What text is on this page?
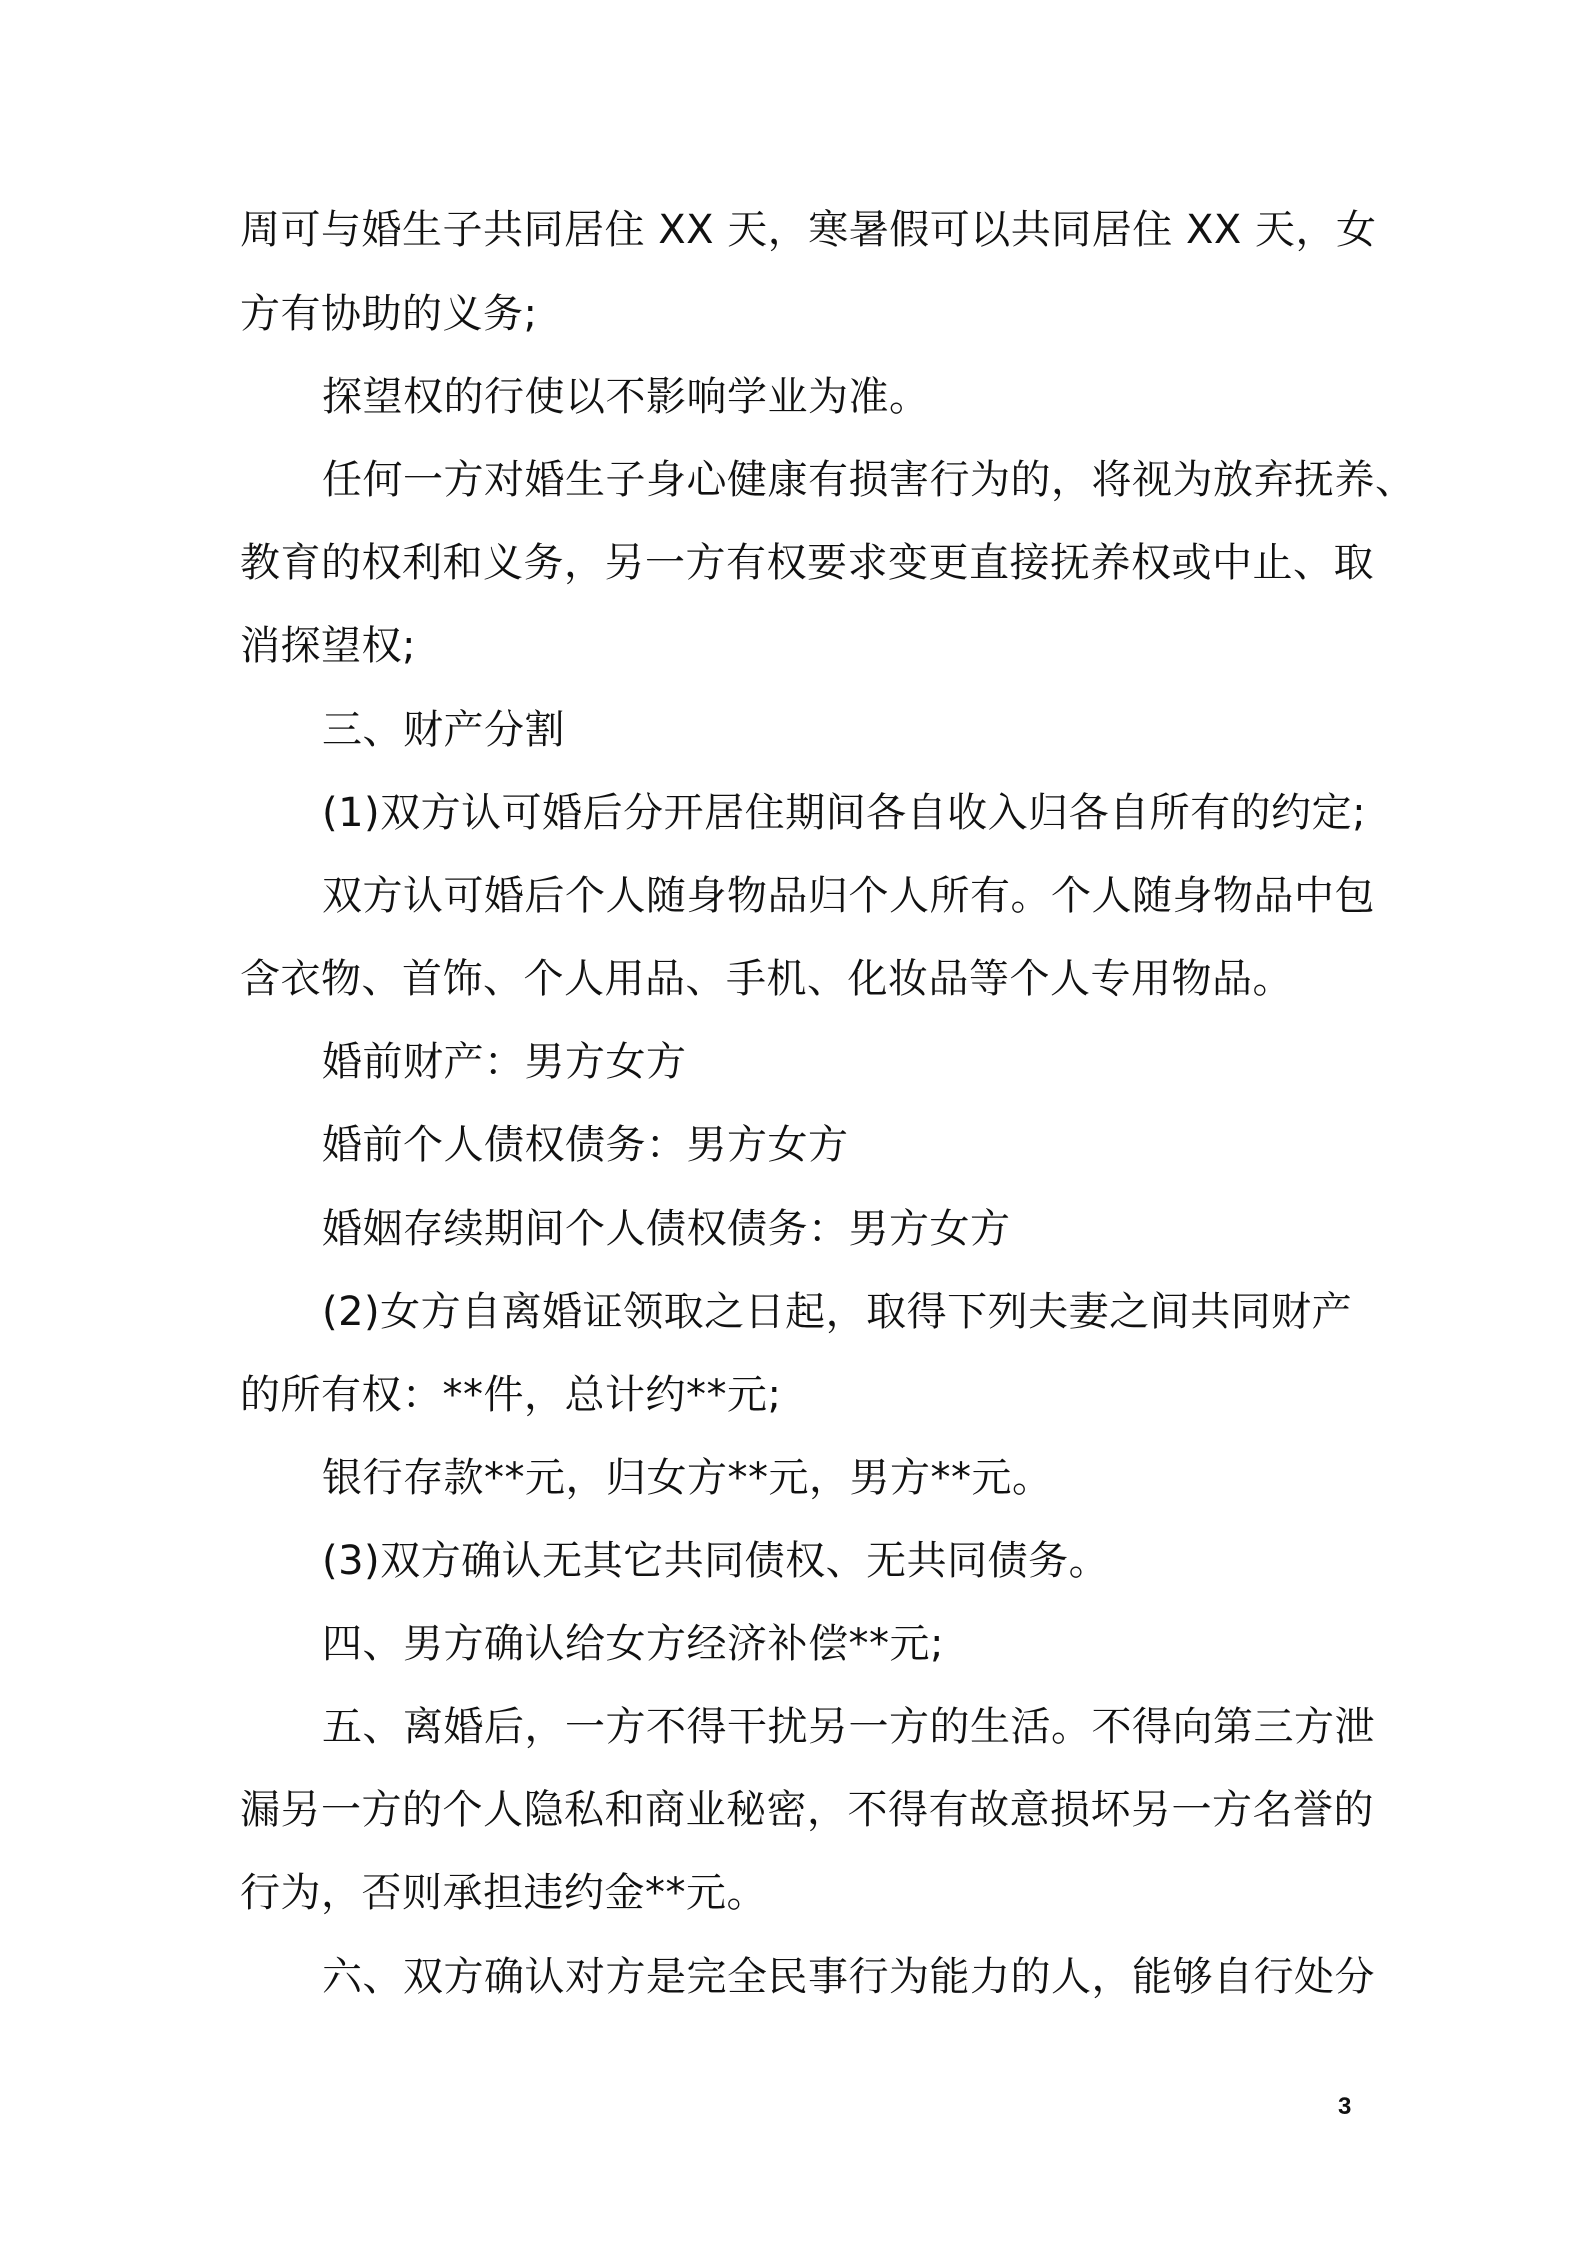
周可与婚生子共同居住 XX 天，寒暑假可以共同居住 XX 天，女
方有协助的义务;
探望权的行使以不影响学业为准。
任何一方对婚生子身心健康有损害行为的，将视为放弃抚养、
教育的权利和义务，另一方有权要求变更直接抚养权或中止、取
消探望权;
三、财产分割
(1)双方认可婚后分开居住期间各自收入归各自所有的约定;
双方认可婚后个人随身物品归个人所有。个人随身物品中包
含衣物、首饰、个人用品、手机、化妆品等个人专用物品。
婚前财产：男方女方
婚前个人债权债务：男方女方
婚姻存续期间个人债权债务：男方女方
(2)女方自离婚证领取之日起，取得下列夫妻之间共同财产
的所有权：**件，总计约**元;
银行存款**元，归女方**元，男方**元。
(3)双方确认无其它共同债权、无共同债务。
四、男方确认给女方经济补偿**元;
五、离婚后，一方不得干扰另一方的生活。不得向第三方泄
漏另一方的个人隐私和商业秘密，不得有故意损坏另一方名誉的
行为，否则承担违约金**元。
六、双方确认对方是完全民事行为能力的人，能够自行处分
3
